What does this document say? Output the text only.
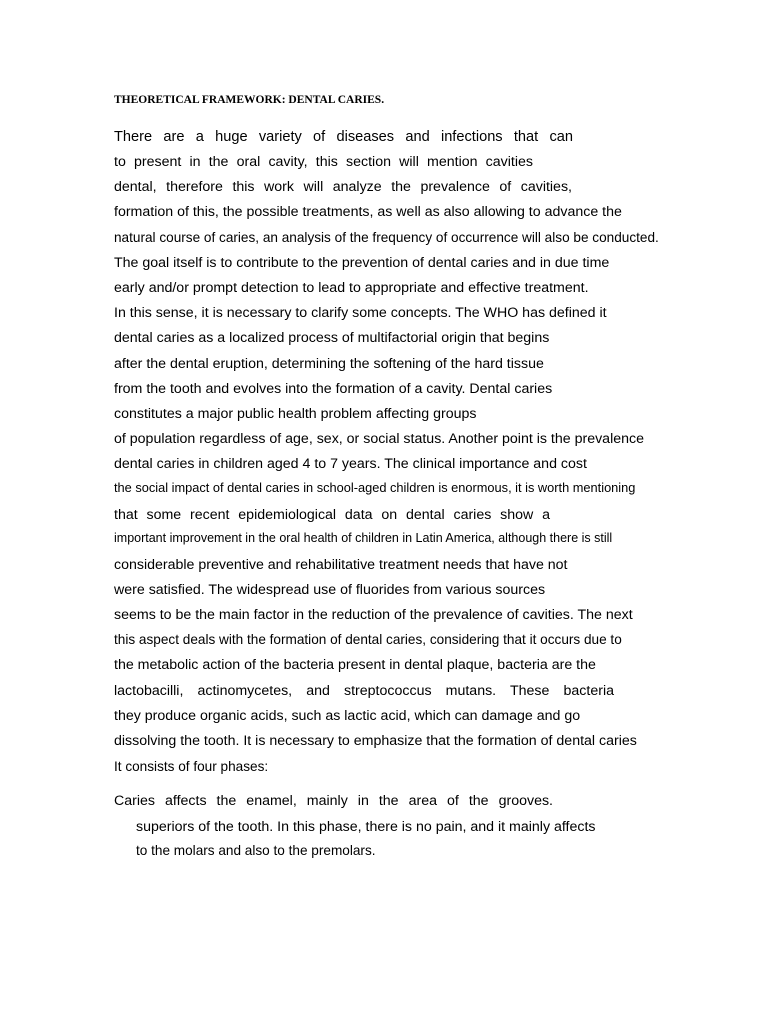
THEORETICAL FRAMEWORK: DENTAL CARIES.
There are a huge variety of diseases and infections that can
to present in the oral cavity, this section will mention cavities
dental, therefore this work will analyze the prevalence of cavities,
formation of this, the possible treatments, as well as also allowing to advance the
natural course of caries, an analysis of the frequency of occurrence will also be conducted.
The goal itself is to contribute to the prevention of dental caries and in due time
early and/or prompt detection to lead to appropriate and effective treatment.
In this sense, it is necessary to clarify some concepts. The WHO has defined it
dental caries as a localized process of multifactorial origin that begins
after the dental eruption, determining the softening of the hard tissue
from the tooth and evolves into the formation of a cavity. Dental caries
constitutes a major public health problem affecting groups
of population regardless of age, sex, or social status. Another point is the prevalence
dental caries in children aged 4 to 7 years. The clinical importance and cost
the social impact of dental caries in school-aged children is enormous, it is worth mentioning
that some recent epidemiological data on dental caries show a
important improvement in the oral health of children in Latin America, although there is still
considerable preventive and rehabilitative treatment needs that have not
were satisfied. The widespread use of fluorides from various sources
seems to be the main factor in the reduction of the prevalence of cavities. The next
this aspect deals with the formation of dental caries, considering that it occurs due to
the metabolic action of the bacteria present in dental plaque, bacteria are the
lactobacilli, actinomycetes, and streptococcus mutans. These bacteria
they produce organic acids, such as lactic acid, which can damage and go
dissolving the tooth. It is necessary to emphasize that the formation of dental caries
It consists of four phases:
Caries affects the enamel, mainly in the area of the grooves.
superiors of the tooth. In this phase, there is no pain, and it mainly affects
to the molars and also to the premolars.
